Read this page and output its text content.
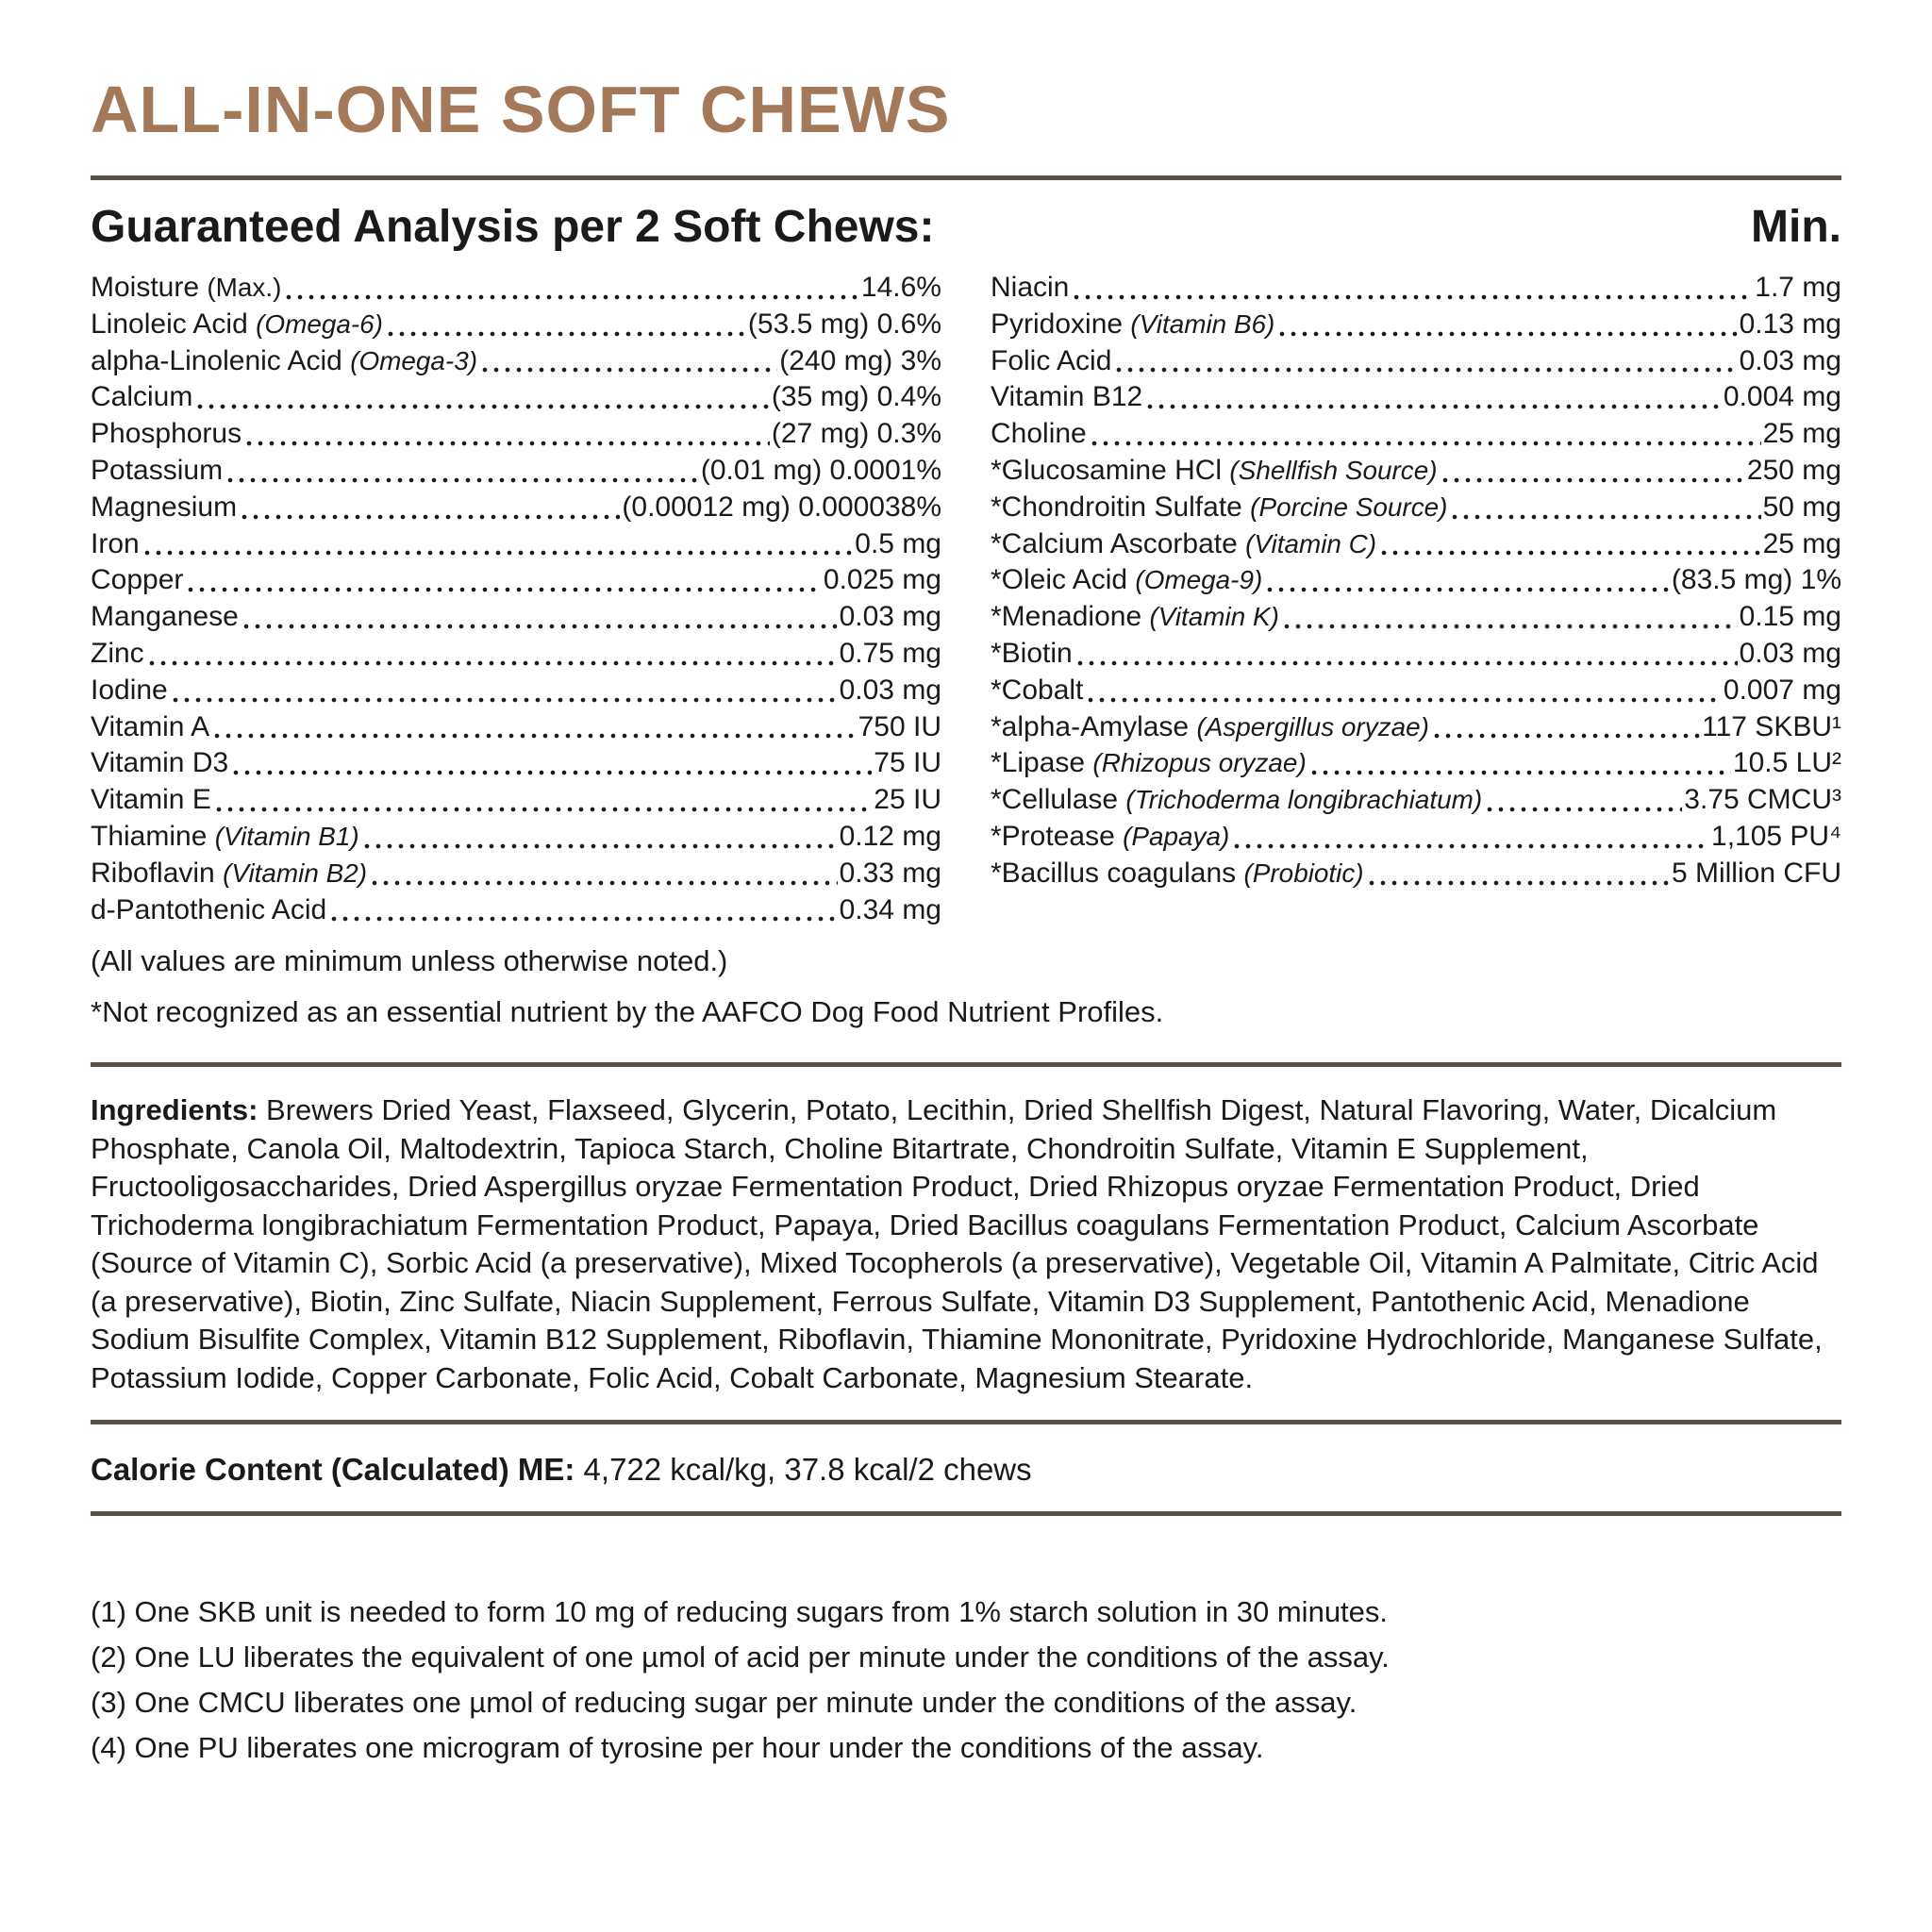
ALL-IN-ONE SOFT CHEWS
Guaranteed Analysis per 2 Soft Chews:	Min.
Moisture (Max.)	14.6%
Linoleic Acid (Omega-6)	(53.5 mg) 0.6%
alpha-Linolenic Acid (Omega-3)	(240 mg) 3%
Calcium	(35 mg) 0.4%
Phosphorus	(27 mg) 0.3%
Potassium	(0.01 mg) 0.0001%
Magnesium	(0.00012 mg) 0.000038%
Iron	0.5 mg
Copper	0.025 mg
Manganese	0.03 mg
Zinc	0.75 mg
Iodine	0.03 mg
Vitamin A	750 IU
Vitamin D3	75 IU
Vitamin E	25 IU
Thiamine (Vitamin B1)	0.12 mg
Riboflavin (Vitamin B2)	0.33 mg
d-Pantothenic Acid	0.34 mg
Niacin	1.7 mg
Pyridoxine (Vitamin B6)	0.13 mg
Folic Acid	0.03 mg
Vitamin B12	0.004 mg
Choline	25 mg
*Glucosamine HCl (Shellfish Source)	250 mg
*Chondroitin Sulfate (Porcine Source)	50 mg
*Calcium Ascorbate (Vitamin C)	25 mg
*Oleic Acid (Omega-9)	(83.5 mg) 1%
*Menadione (Vitamin K)	0.15 mg
*Biotin	0.03 mg
*Cobalt	0.007 mg
*alpha-Amylase (Aspergillus oryzae)	117 SKBU¹
*Lipase (Rhizopus oryzae)	10.5 LU²
*Cellulase (Trichoderma longibrachiatum)	3.75 CMCU³
*Protease (Papaya)	1,105 PU⁴
*Bacillus coagulans (Probiotic)	5 Million CFU
(All values are minimum unless otherwise noted.)
*Not recognized as an essential nutrient by the AAFCO Dog Food Nutrient Profiles.
Ingredients: Brewers Dried Yeast, Flaxseed, Glycerin, Potato, Lecithin, Dried Shellfish Digest, Natural Flavoring, Water, Dicalcium Phosphate, Canola Oil, Maltodextrin, Tapioca Starch, Choline Bitartrate, Chondroitin Sulfate, Vitamin E Supplement, Fructooligosaccharides, Dried Aspergillus oryzae Fermentation Product, Dried Rhizopus oryzae Fermentation Product, Dried Trichoderma longibrachiatum Fermentation Product, Papaya, Dried Bacillus coagulans Fermentation Product, Calcium Ascorbate (Source of Vitamin C), Sorbic Acid (a preservative), Mixed Tocopherols (a preservative), Vegetable Oil, Vitamin A Palmitate, Citric Acid (a preservative), Biotin, Zinc Sulfate, Niacin Supplement, Ferrous Sulfate, Vitamin D3 Supplement, Pantothenic Acid, Menadione Sodium Bisulfite Complex, Vitamin B12 Supplement, Riboflavin, Thiamine Mononitrate, Pyridoxine Hydrochloride, Manganese Sulfate, Potassium Iodide, Copper Carbonate, Folic Acid, Cobalt Carbonate, Magnesium Stearate.
Calorie Content (Calculated) ME: 4,722 kcal/kg, 37.8 kcal/2 chews
(1) One SKB unit is needed to form 10 mg of reducing sugars from 1% starch solution in 30 minutes.
(2) One LU liberates the equivalent of one µmol of acid per minute under the conditions of the assay.
(3) One CMCU liberates one µmol of reducing sugar per minute under the conditions of the assay.
(4) One PU liberates one microgram of tyrosine per hour under the conditions of the assay.
